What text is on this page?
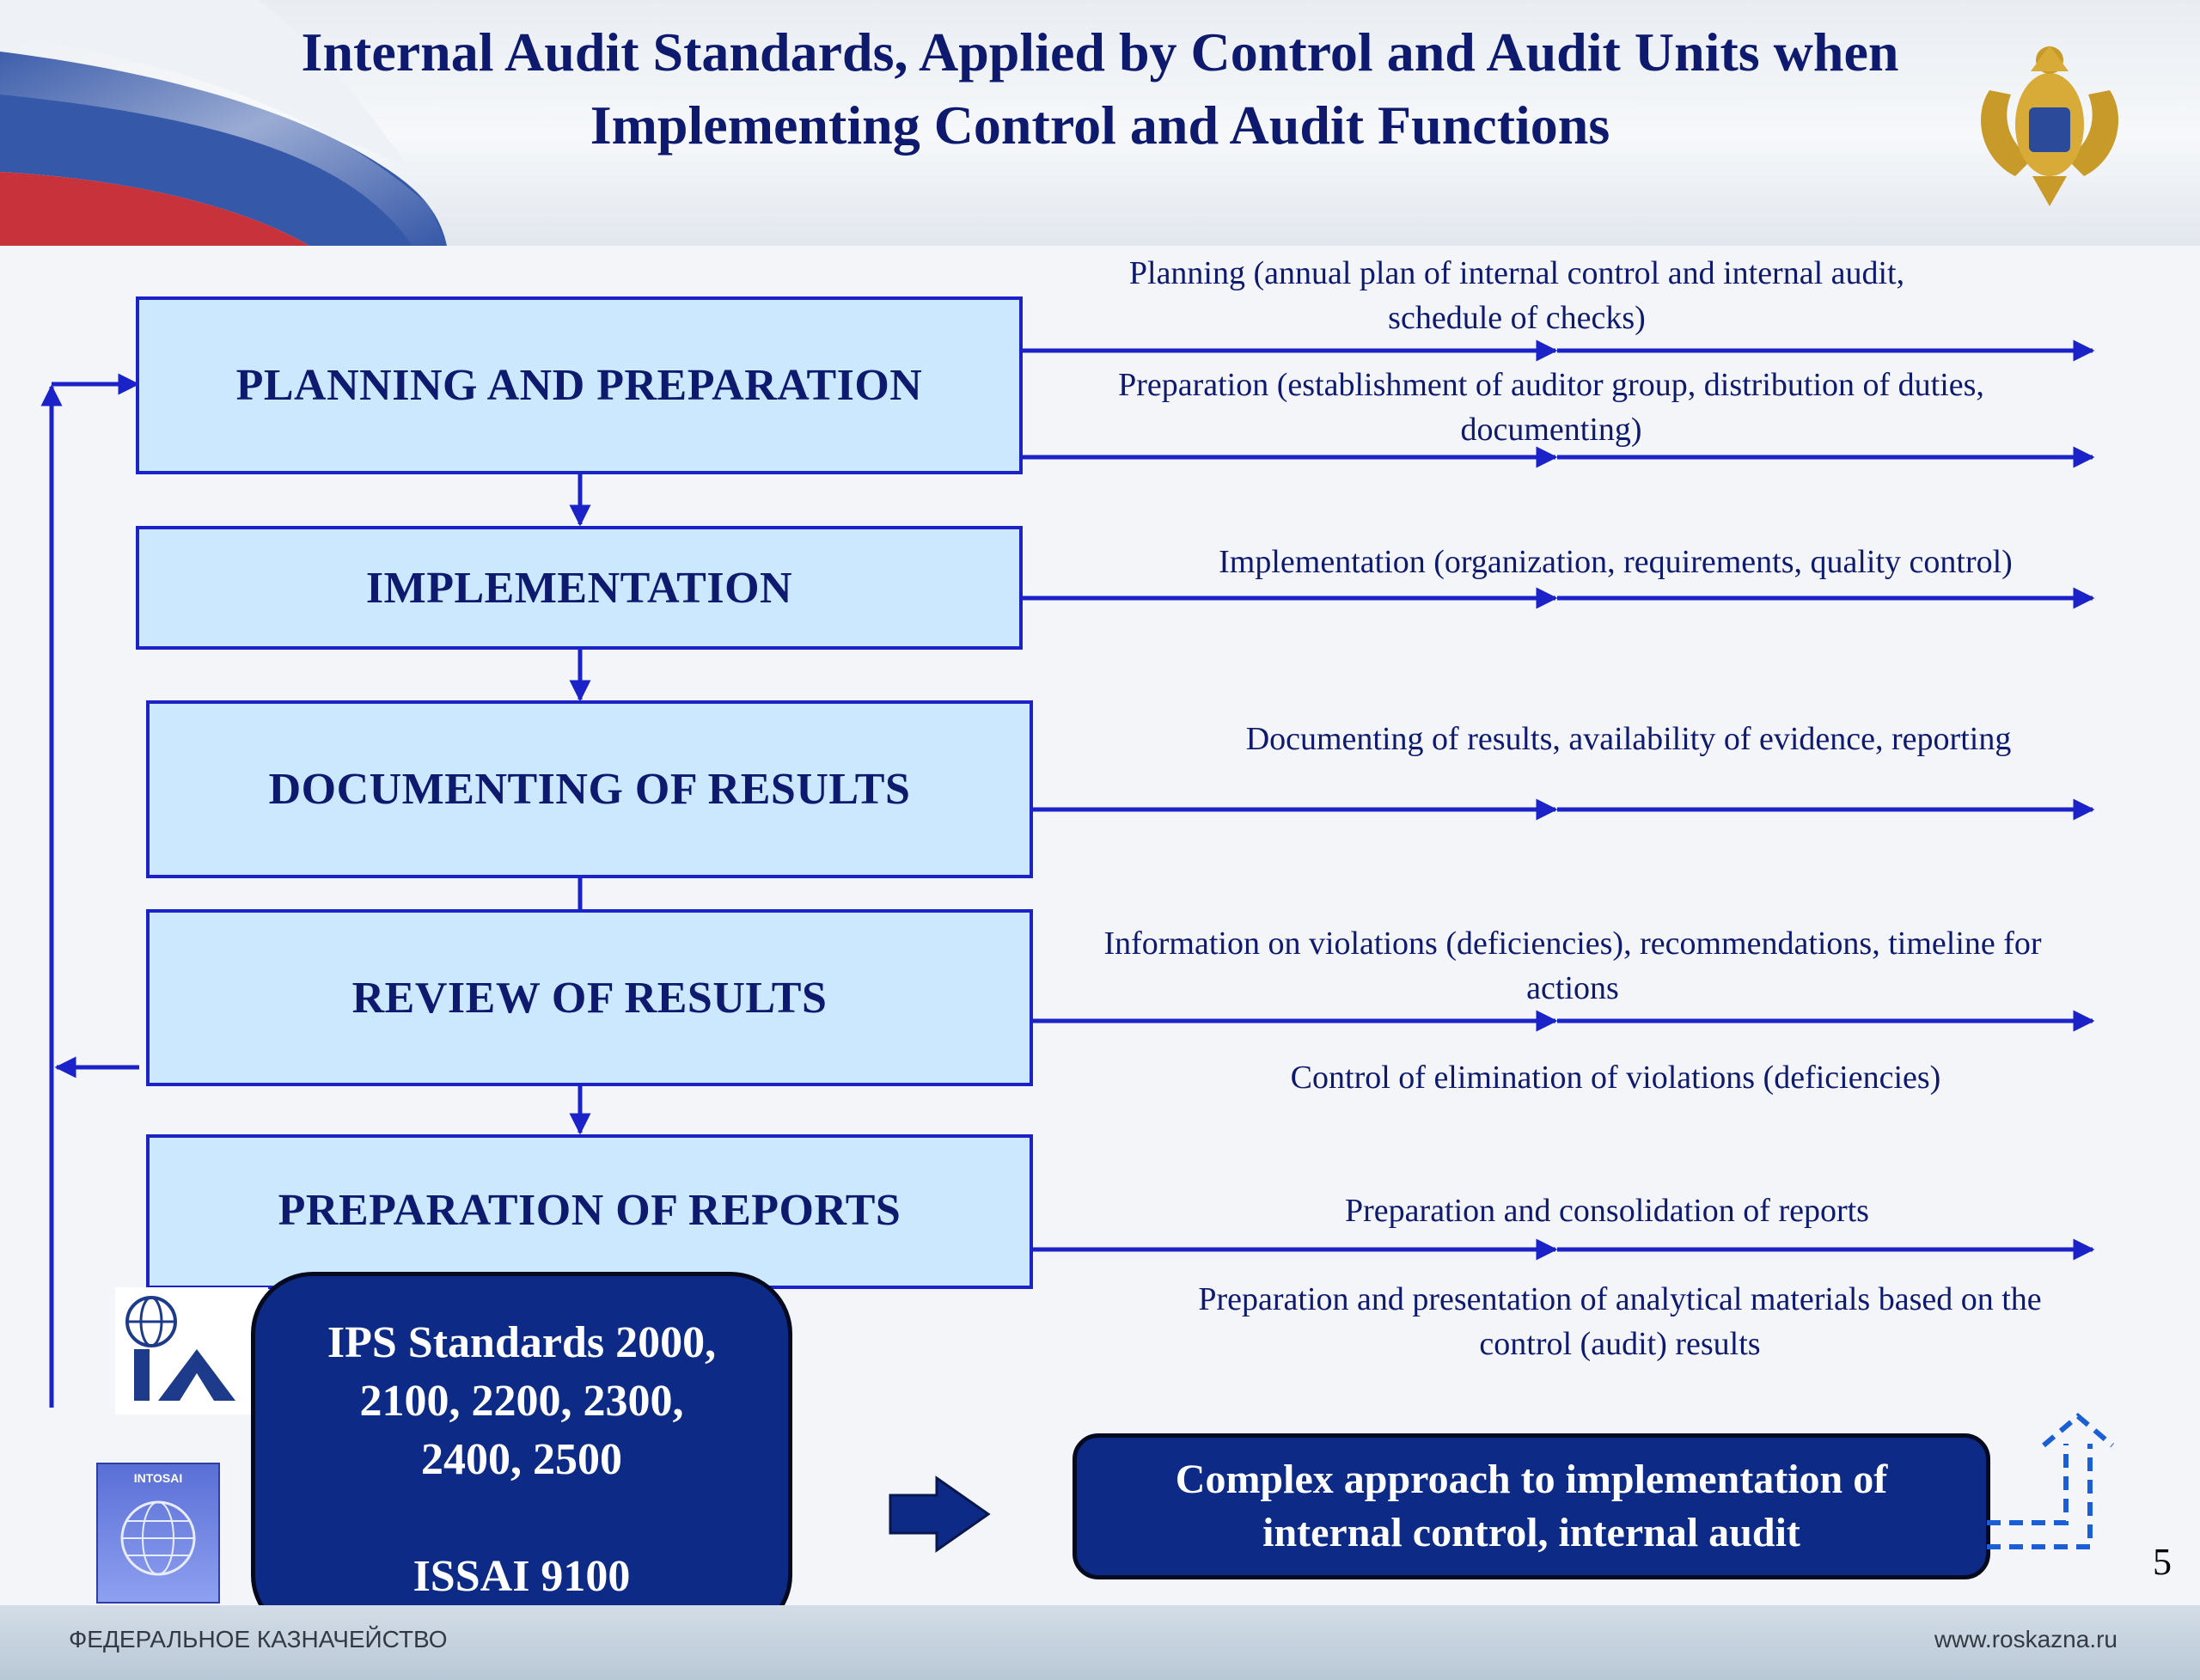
Internal Audit Standards, Applied by Control and Audit Units when
Implementing Control and Audit Functions
PLANNING AND PREPARATION
IMPLEMENTATION
DOCUMENTING OF RESULTS
REVIEW OF RESULTS
PREPARATION OF REPORTS
Planning (annual plan of internal control and internal audit, schedule of checks)
Preparation (establishment of auditor group, distribution of duties, documenting)
Implementation (organization, requirements, quality control)
Documenting of results, availability of evidence, reporting
Information on violations (deficiencies), recommendations, timeline for actions
Control of elimination of violations (deficiencies)
Preparation and consolidation of reports
Preparation and presentation of analytical materials based on the control (audit) results
INTOSAI
IPS Standards 2000,
2100, 2200, 2300,
2400, 2500
ISSAI 9100
Complex approach to implementation of
internal control, internal audit
5
ФЕДЕРАЛЬНОЕ КАЗНАЧЕЙСТВО	www.roskazna.ru
